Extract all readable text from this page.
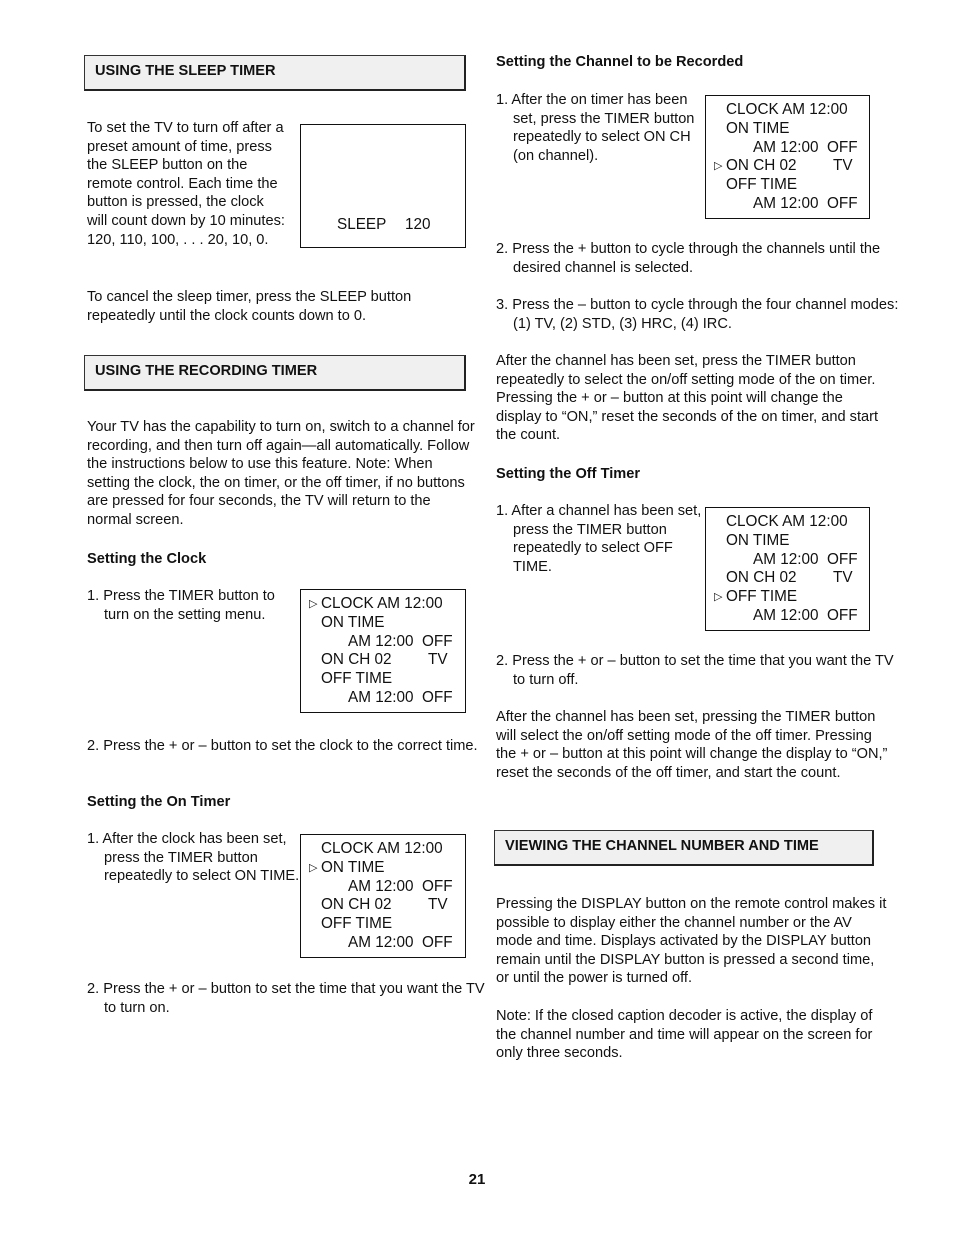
USING THE SLEEP TIMER

To set the TV to turn off after a preset amount of time, press the SLEEP button on the remote control. Each time the button is pressed, the clock will count down by 10 minutes: 120, 110, 100, . . . 20, 10, 0.

SLEEP 120

To cancel the sleep timer, press the SLEEP button repeatedly until the clock counts down to 0.

USING THE RECORDING TIMER

Your TV has the capability to turn on, switch to a channel for recording, and then turn off again—all automatically. Follow the instructions below to use this feature. Note: When setting the clock, the on timer, or the off timer, if no buttons are pressed for four seconds, the TV will return to the normal screen.

Setting the Clock
1. Press the TIMER button to turn on the setting menu.
▷ CLOCK AM 12:00
ON TIME
AM 12:00  OFF
ON CH 02 TV
OFF TIME
AM 12:00  OFF
2. Press the + or – button to set the clock to the correct time.
Setting the On Timer
1. After the clock has been set, press the TIMER button repeatedly to select ON TIME.
CLOCK AM 12:00
▷ ON TIME
AM 12:00  OFF
ON CH 02 TV
OFF TIME
AM 12:00  OFF
2. Press the + or – button to set the time that you want the TV to turn on.
Setting the Channel to be Recorded
1. After the on timer has been set, press the TIMER button repeatedly to select ON CH (on channel).
CLOCK AM 12:00
ON TIME
AM 12:00  OFF
▷ ON CH 02 TV
OFF TIME
AM 12:00  OFF
2. Press the + button to cycle through the channels until the desired channel is selected.
3. Press the – button to cycle through the four channel modes: (1) TV, (2) STD, (3) HRC, (4) IRC.

After the channel has been set, press the TIMER button repeatedly to select the on/off setting mode of the on timer. Pressing the + or – button at this point will change the display to “ON,” reset the seconds of the on timer, and start the count.

Setting the Off Timer
1. After a channel has been set, press the TIMER button repeatedly to select OFF TIME.
CLOCK AM 12:00
ON TIME
AM 12:00  OFF
ON CH 02 TV
▷ OFF TIME
AM 12:00  OFF
2. Press the + or – button to set the time that you want the TV to turn off.

After the channel has been set, pressing the TIMER button will select the on/off setting mode of the off timer. Pressing the + or – button at this point will change the display to “ON,” reset the seconds of the off timer, and start the count.

VIEWING THE CHANNEL NUMBER AND TIME

Pressing the DISPLAY button on the remote control makes it possible to display either the channel number or the AV mode and time. Displays activated by the DISPLAY button remain until the DISPLAY button is pressed a second time, or until the power is turned off.

Note: If the closed caption decoder is active, the display of the channel number and time will appear on the screen for only three seconds.

21
